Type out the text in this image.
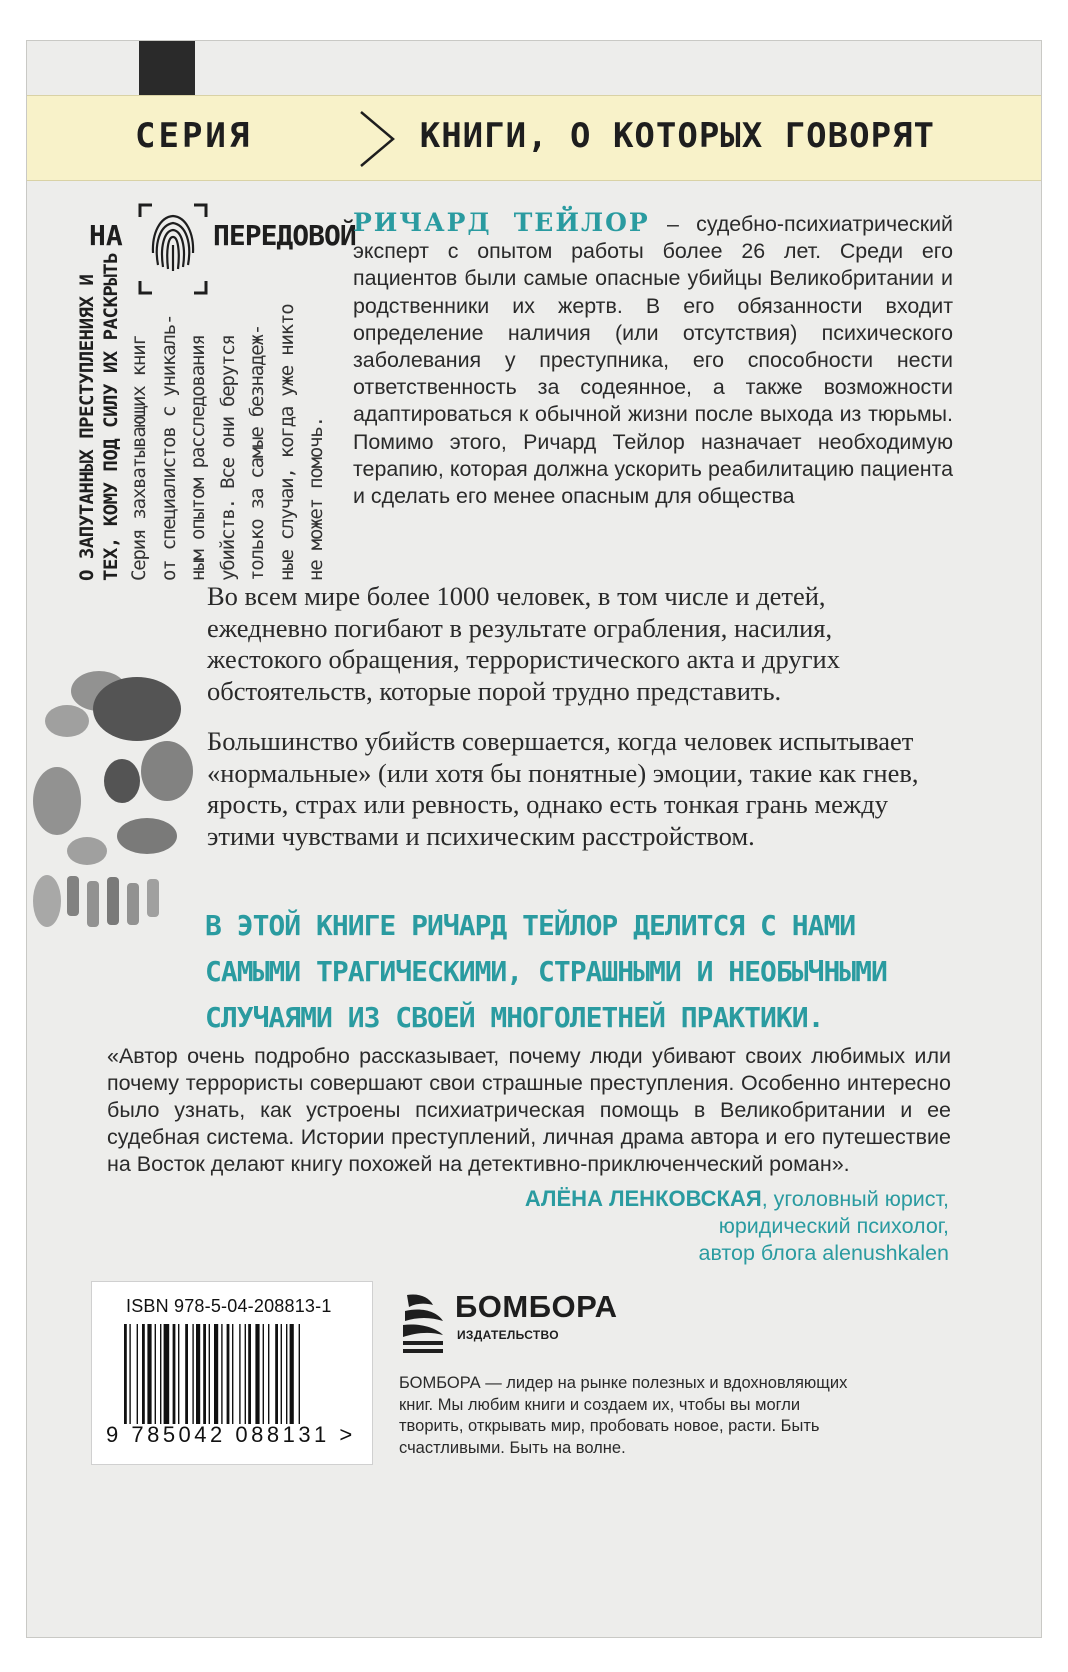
СЕРИЯ	КНИГИ, О КОТОРЫХ ГОВОРЯТ
НА	ПЕРЕДОВОЙ
О ЗАПУТАННЫХ ПРЕСТУПЛЕНИЯХ И ТЕХ, КОМУ ПОД СИЛУ ИХ РАСКРЫТЬ Серия захватывающих книг от специалистов с уникаль- ным опытом расследования убийств. Все они берутся только за самые безнадеж- ные случаи, когда уже никто не может помочь.
РИЧАРД ТЕЙЛОР – судебно-психиатрический эксперт с опытом работы более 26 лет. Среди его пациентов были самые опасные убийцы Великобритании и родственники их жертв. В его обязанности входит определение наличия (или отсутствия) психического заболевания у преступника, его способности нести ответственность за содеянное, а также возможности адаптироваться к обычной жизни после выхода из тюрьмы. Помимо этого, Ричард Тейлор назначает необходимую терапию, которая должна ускорить реабилитацию пациента и сделать его менее опасным для общества

Во всем мире более 1000 человек, в том числе и детей, ежедневно погибают в результате ограбления, насилия, жестокого обращения, террористического акта и других обстоятельств, которые порой трудно представить.

Большинство убийств совершается, когда человек испытывает «нормальные» (или хотя бы понятные) эмоции, такие как гнев, ярость, страх или ревность, однако есть тонкая грань между этими чувствами и психическим расстройством.

В ЭТОЙ КНИГЕ РИЧАРД ТЕЙЛОР ДЕЛИТСЯ С НАМИ САМЫМИ ТРАГИЧЕСКИМИ, СТРАШНЫМИ И НЕОБЫЧНЫМИ СЛУЧАЯМИ ИЗ СВОЕЙ МНОГОЛЕТНЕЙ ПРАКТИКИ.

«Автор очень подробно рассказывает, почему люди убивают своих любимых или почему террористы совершают свои страшные преступления. Особенно интересно было узнать, как устроены психиатрическая помощь в Великобритании и ее судебная система. Истории преступлений, личная драма автора и его путешествие на Восток делают книгу похожей на детективно-приключенческий роман».

АЛЁНА ЛЕНКОВСКАЯ, уголовный юрист,
юридический психолог,
автор блога alenushkalen
ISBN 978-5-04-208813-1
9 785042 088131 >
БОМБОРА
ИЗДАТЕЛЬСТВО

БОМБОРА — лидер на рынке полезных и вдохновляющих книг. Мы любим книги и создаем их, чтобы вы могли творить, открывать мир, пробовать новое, расти. Быть счастливыми. Быть на волне.
